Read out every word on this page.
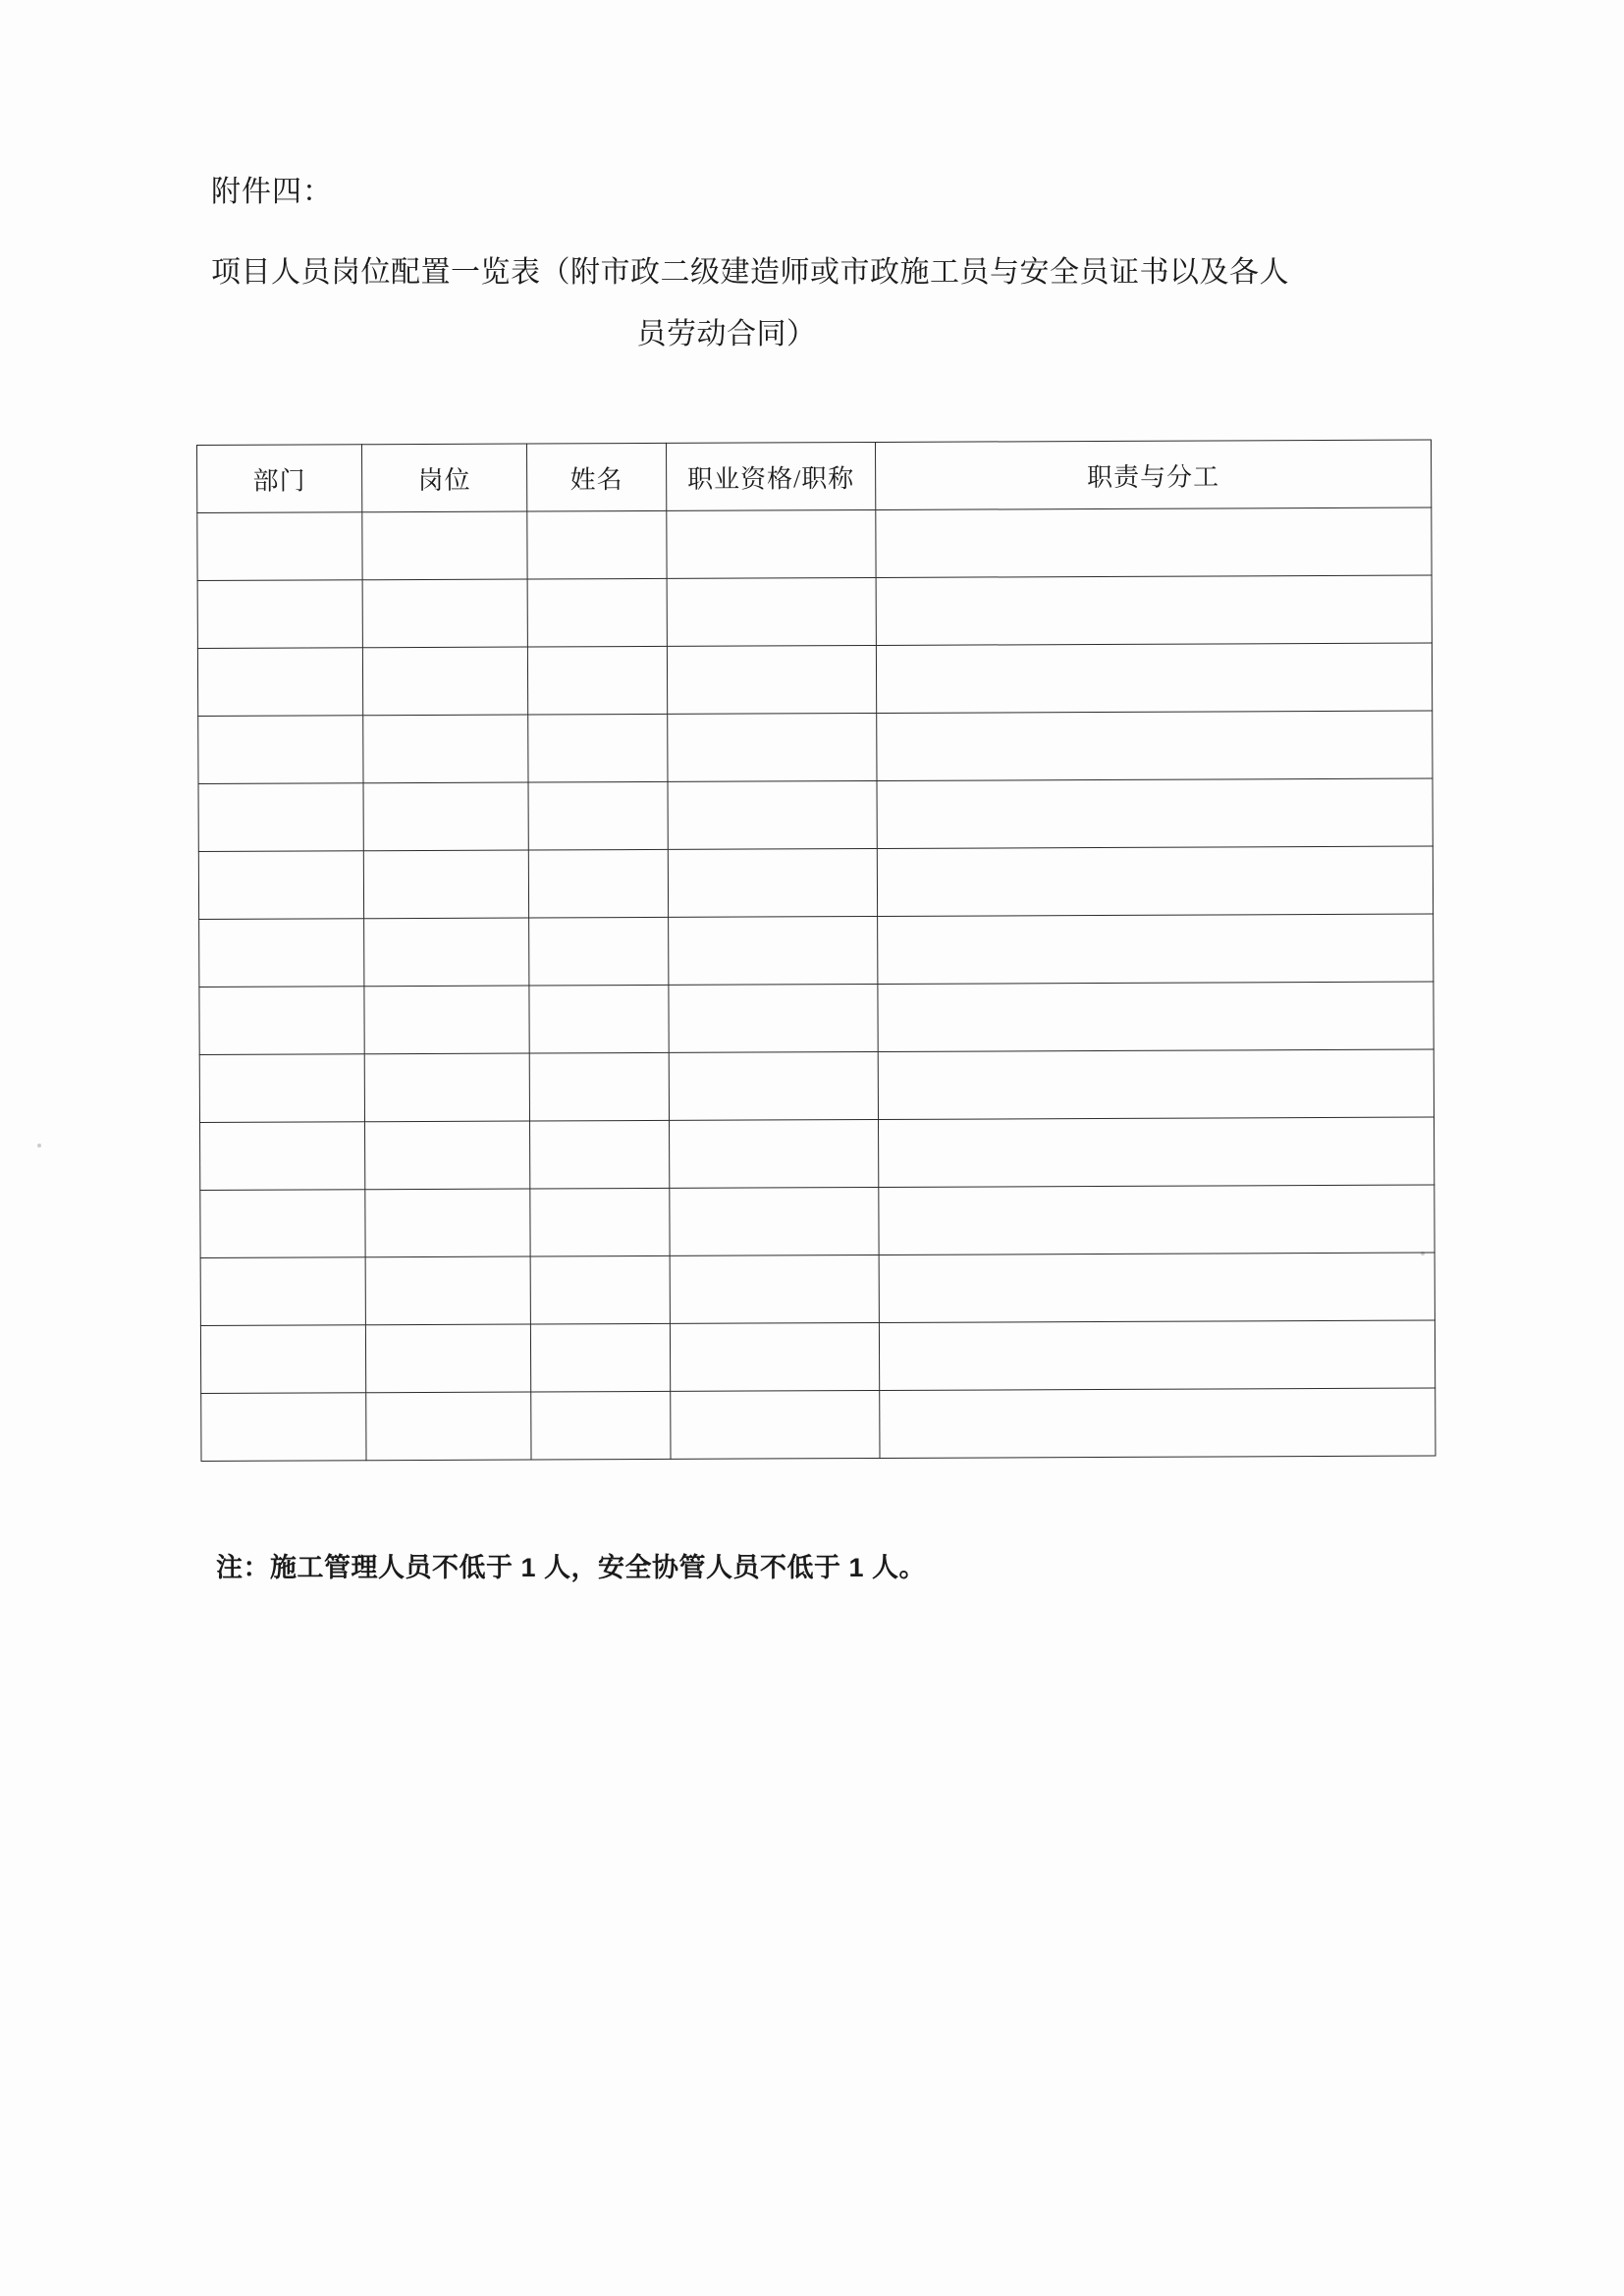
附件四：
项目人员岗位配置一览表（附市政二级建造师或市政施工员与安全员证书以及各人
员劳动合同）
部门	岗位	姓名	职业资格/职称	职责与分工

注：施工管理人员不低于 1 人，安全协管人员不低于 1 人。
